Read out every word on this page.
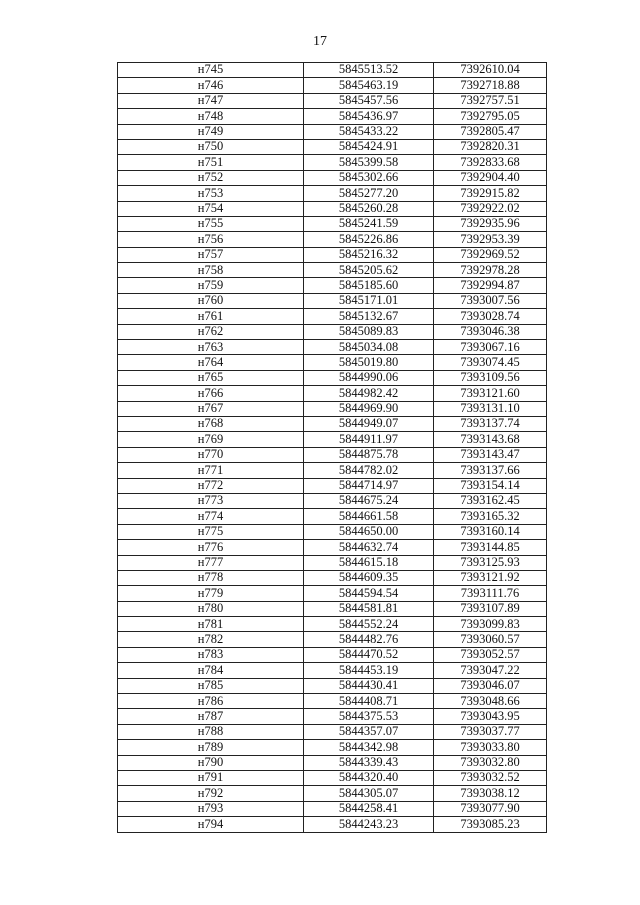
17
н745	5845513.52	7392610.04
н746	5845463.19	7392718.88
н747	5845457.56	7392757.51
н748	5845436.97	7392795.05
н749	5845433.22	7392805.47
н750	5845424.91	7392820.31
н751	5845399.58	7392833.68
н752	5845302.66	7392904.40
н753	5845277.20	7392915.82
н754	5845260.28	7392922.02
н755	5845241.59	7392935.96
н756	5845226.86	7392953.39
н757	5845216.32	7392969.52
н758	5845205.62	7392978.28
н759	5845185.60	7392994.87
н760	5845171.01	7393007.56
н761	5845132.67	7393028.74
н762	5845089.83	7393046.38
н763	5845034.08	7393067.16
н764	5845019.80	7393074.45
н765	5844990.06	7393109.56
н766	5844982.42	7393121.60
н767	5844969.90	7393131.10
н768	5844949.07	7393137.74
н769	5844911.97	7393143.68
н770	5844875.78	7393143.47
н771	5844782.02	7393137.66
н772	5844714.97	7393154.14
н773	5844675.24	7393162.45
н774	5844661.58	7393165.32
н775	5844650.00	7393160.14
н776	5844632.74	7393144.85
н777	5844615.18	7393125.93
н778	5844609.35	7393121.92
н779	5844594.54	7393111.76
н780	5844581.81	7393107.89
н781	5844552.24	7393099.83
н782	5844482.76	7393060.57
н783	5844470.52	7393052.57
н784	5844453.19	7393047.22
н785	5844430.41	7393046.07
н786	5844408.71	7393048.66
н787	5844375.53	7393043.95
н788	5844357.07	7393037.77
н789	5844342.98	7393033.80
н790	5844339.43	7393032.80
н791	5844320.40	7393032.52
н792	5844305.07	7393038.12
н793	5844258.41	7393077.90
н794	5844243.23	7393085.23
